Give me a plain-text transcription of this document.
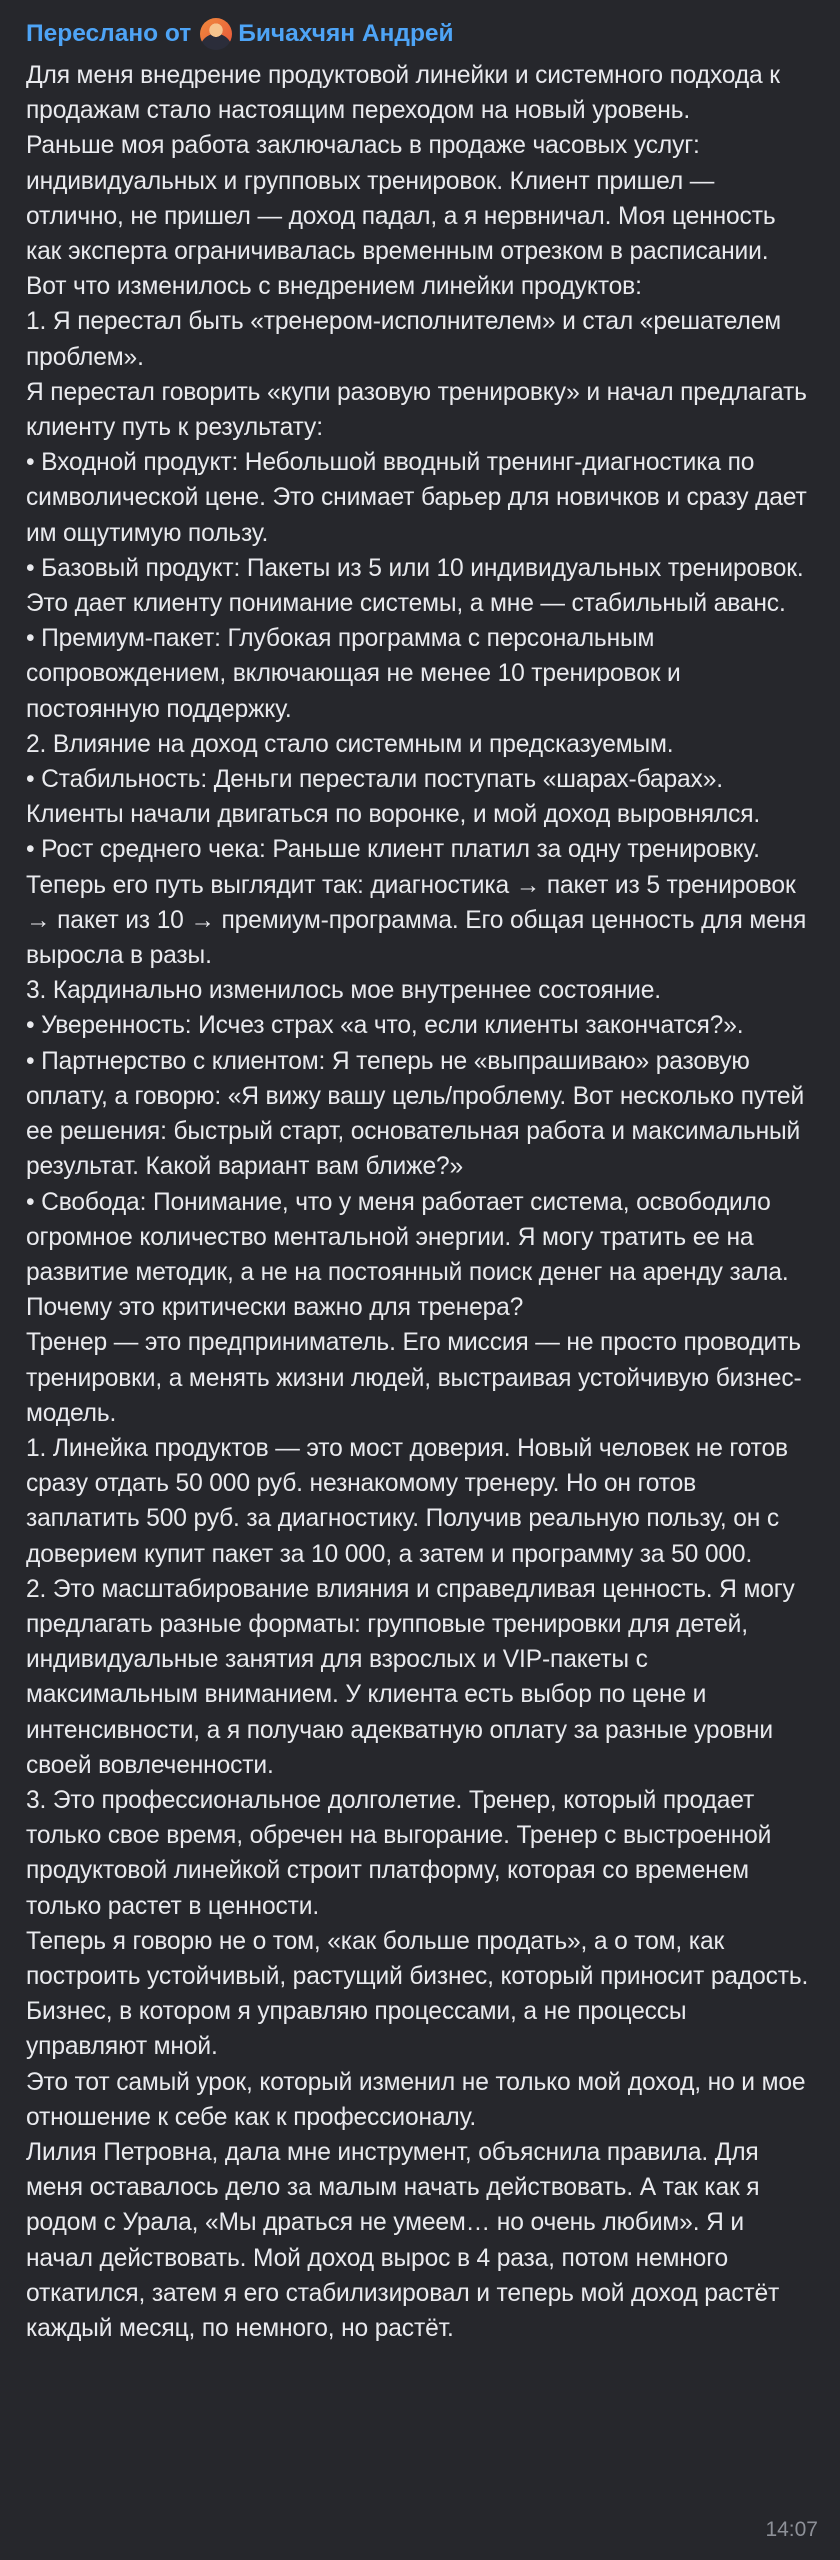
Переслано от Бичахчян Андрей

Для меня внедрение продуктовой линейки и системного подхода к продажам стало настоящим переходом на новый уровень.

Раньше моя работа заключалась в продаже часовых услуг: индивидуальных и групповых тренировок. Клиент пришел — отлично, не пришел — доход падал, а я нервничал. Моя ценность как эксперта ограничивалась временным отрезком в расписании.

Вот что изменилось с внедрением линейки продуктов:

1. Я перестал быть «тренером-исполнителем» и стал «решателем проблем».

Я перестал говорить «купи разовую тренировку» и начал предлагать клиенту путь к результату:

• Входной продукт: Небольшой вводный тренинг-диагностика по символической цене. Это снимает барьер для новичков и сразу дает им ощутимую пользу.

• Базовый продукт: Пакеты из 5 или 10 индивидуальных тренировок. Это дает клиенту понимание системы, а мне — стабильный аванс.

• Премиум-пакет: Глубокая программа с персональным сопровождением, включающая не менее 10 тренировок и постоянную поддержку.

2. Влияние на доход стало системным и предсказуемым.

• Стабильность: Деньги перестали поступать «шарах-барах». Клиенты начали двигаться по воронке, и мой доход выровнялся.

• Рост среднего чека: Раньше клиент платил за одну тренировку. Теперь его путь выглядит так: диагностика → пакет из 5 тренировок → пакет из 10 → премиум-программа. Его общая ценность для меня выросла в разы.

3. Кардинально изменилось мое внутреннее состояние.

• Уверенность: Исчез страх «а что, если клиенты закончатся?».

• Партнерство с клиентом: Я теперь не «выпрашиваю» разовую оплату, а говорю: «Я вижу вашу цель/проблему. Вот несколько путей ее решения: быстрый старт, основательная работа и максимальный результат. Какой вариант вам ближе?»

• Свобода: Понимание, что у меня работает система, освободило огромное количество ментальной энергии. Я могу тратить ее на развитие методик, а не на постоянный поиск денег на аренду зала.

Почему это критически важно для тренера?

Тренер — это предприниматель. Его миссия — не просто проводить тренировки, а менять жизни людей, выстраивая устойчивую бизнес-модель.

1. Линейка продуктов — это мост доверия. Новый человек не готов сразу отдать 50 000 руб. незнакомому тренеру. Но он готов заплатить 500 руб. за диагностику. Получив реальную пользу, он с доверием купит пакет за 10 000, а затем и программу за 50 000.

2. Это масштабирование влияния и справедливая ценность. Я могу предлагать разные форматы: групповые тренировки для детей, индивидуальные занятия для взрослых и VIP-пакеты с максимальным вниманием. У клиента есть выбор по цене и интенсивности, а я получаю адекватную оплату за разные уровни своей вовлеченности.

3. Это профессиональное долголетие. Тренер, который продает только свое время, обречен на выгорание. Тренер с выстроенной продуктовой линейкой строит платформу, которая со временем только растет в ценности.

Теперь я говорю не о том, «как больше продать», а о том, как построить устойчивый, растущий бизнес, который приносит радость. Бизнес, в котором я управляю процессами, а не процессы управляют мной.

Это тот самый урок, который изменил не только мой доход, но и мое отношение к себе как к профессионалу.

Лилия Петровна, дала мне инструмент, объяснила правила. Для меня оставалось дело за малым начать действовать. А так как я родом с Урала, «Мы драться не умеем… но очень любим». Я и начал действовать. Мой доход вырос в 4 раза, потом немного откатился, затем я его стабилизировал и теперь мой доход растёт каждый месяц, по немного, но растёт.

14:07
